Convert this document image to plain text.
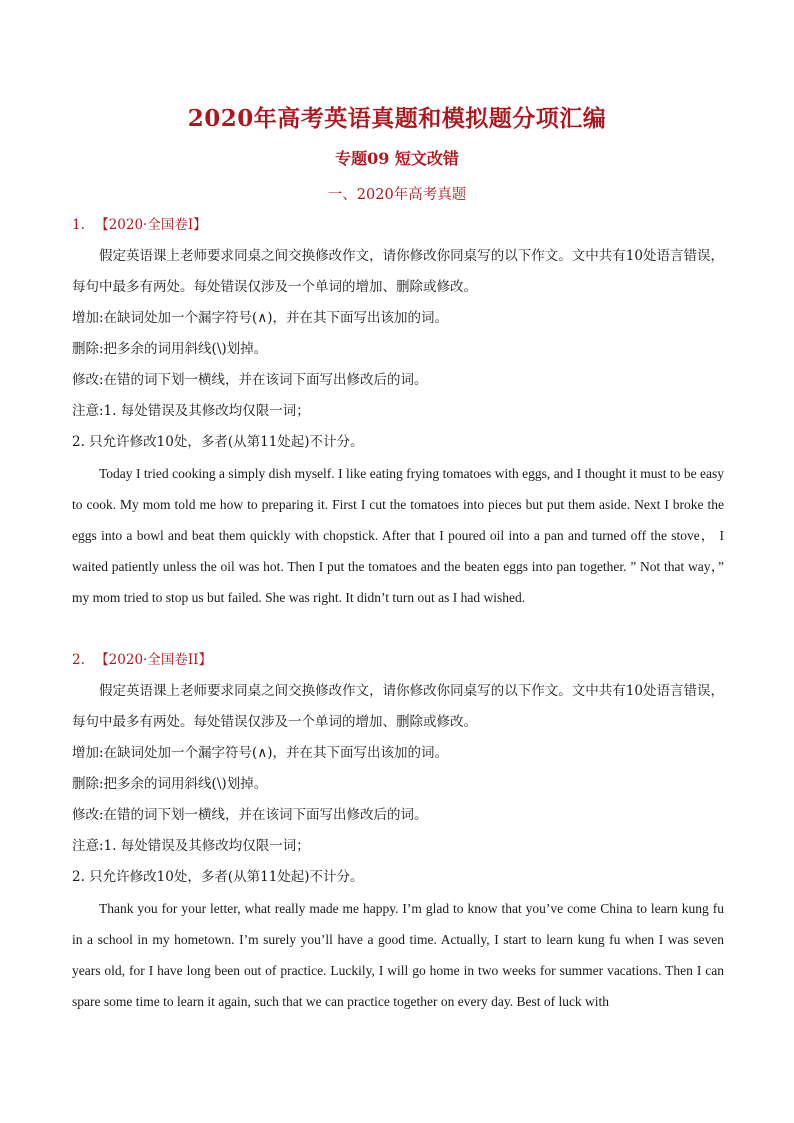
2020年高考英语真题和模拟题分项汇编
专题09 短文改错
一、2020年高考真题
1. 【2020·全国卷I】

假定英语课上老师要求同桌之间交换修改作文，请你修改你同桌写的以下作文。文中共有10处语言错误，每句中最多有两处。每处错误仅涉及一个单词的增加、删除或修改。

增加:在缺词处加一个漏字符号(∧)，并在其下面写出该加的词。
删除:把多余的词用斜线(\)划掉。
修改:在错的词下划一横线，并在该词下面写出修改后的词。
注意:1. 每处错误及其修改均仅限一词；
2. 只允许修改10处，多者(从第11处起)不计分。

Today I tried cooking a simply dish myself. I like eating frying tomatoes with eggs, and I thought it must to be easy to cook. My mom told me how to preparing it. First I cut the tomatoes into pieces but put them aside. Next I broke the eggs into a bowl and beat them quickly with chopstick. After that I poured oil into a pan and turned off the stove， I waited patiently unless the oil was hot. Then I put the tomatoes and the beaten eggs into pan together. ” Not that way，” my mom tried to stop us but failed. She was right. It didn’t turn out as I had wished.

2. 【2020·全国卷II】

假定英语课上老师要求同桌之间交换修改作文，请你修改你同桌写的以下作文。文中共有10处语言错误，每句中最多有两处。每处错误仅涉及一个单词的增加、删除或修改。

增加:在缺词处加一个漏字符号(∧)，并在其下面写出该加的词。
删除:把多余的词用斜线(\)划掉。
修改:在错的词下划一横线，并在该词下面写出修改后的词。
注意:1. 每处错误及其修改均仅限一词；
2. 只允许修改10处，多者(从第11处起)不计分。

Thank you for your letter, what really made me happy. I’m glad to know that you’ve come China to learn kung fu in a school in my hometown. I’m surely you’ll have a good time. Actually, I start to learn kung fu when I was seven years old, for I have long been out of practice. Luckily, I will go home in two weeks for summer vacations. Then I can spare some time to learn it again, such that we can practice together on every day. Best of luck with
